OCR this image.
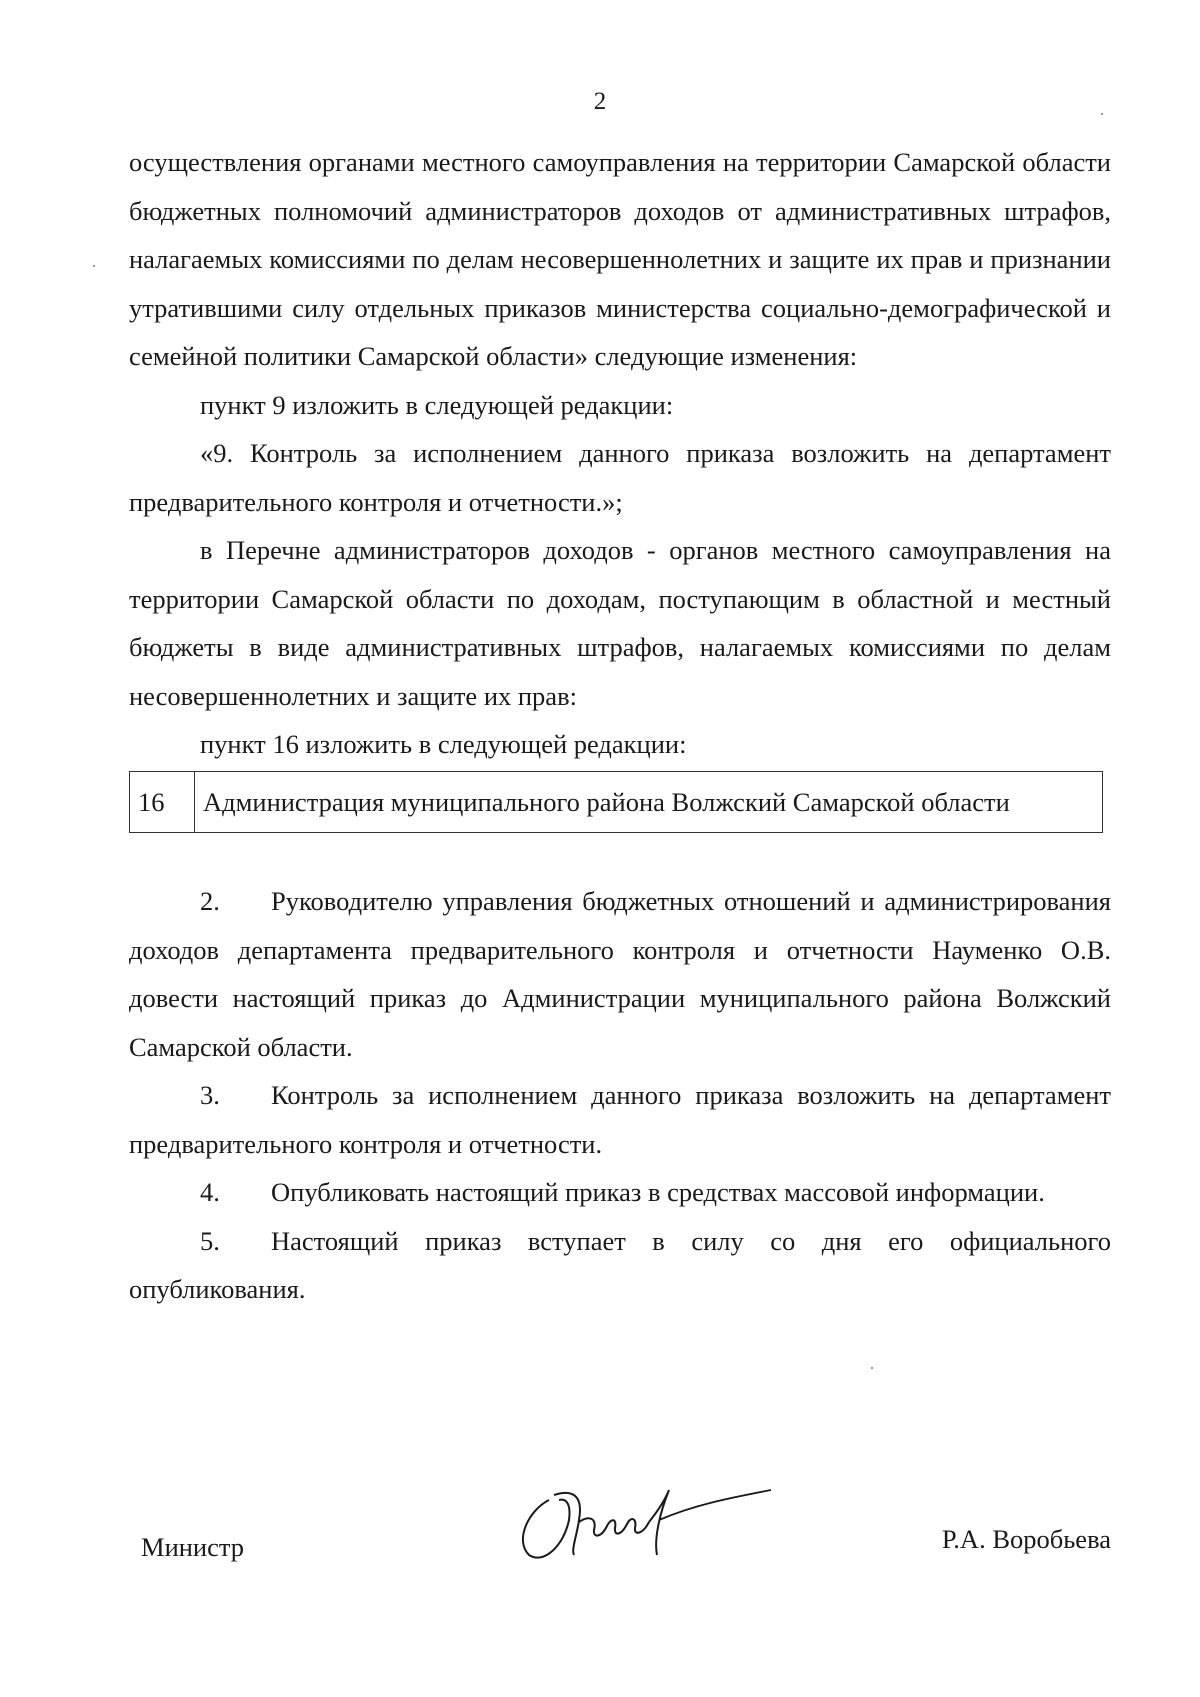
2

осуществления органами местного самоуправления на территории Самарской области бюджетных полномочий администраторов доходов от административных штрафов, налагаемых комиссиями по делам несовершеннолетних и защите их прав и признании утратившими силу отдельных приказов министерства социально-демографической и семейной политики Самарской области» следующие изменения:

пункт 9 изложить в следующей редакции:

«9. Контроль за исполнением данного приказа возложить на департамент предварительного контроля и отчетности.»;

в Перечне администраторов доходов - органов местного самоуправления на территории Самарской области по доходам, поступающим в областной и местный бюджеты в виде административных штрафов, налагаемых комиссиями по делам несовершеннолетних и защите их прав:

пункт 16 изложить в следующей редакции:

16	Администрация муниципального района Волжский Самарской области

2. Руководителю управления бюджетных отношений и администрирования доходов департамента предварительного контроля и отчетности Науменко О.В. довести настоящий приказ до Администрации муниципального района Волжский Самарской области.

3. Контроль за исполнением данного приказа возложить на департамент предварительного контроля и отчетности.

4. Опубликовать настоящий приказ в средствах массовой информации.

5. Настоящий приказ вступает в силу со дня его официального опубликования.

Министр	Р.А. Воробьева
